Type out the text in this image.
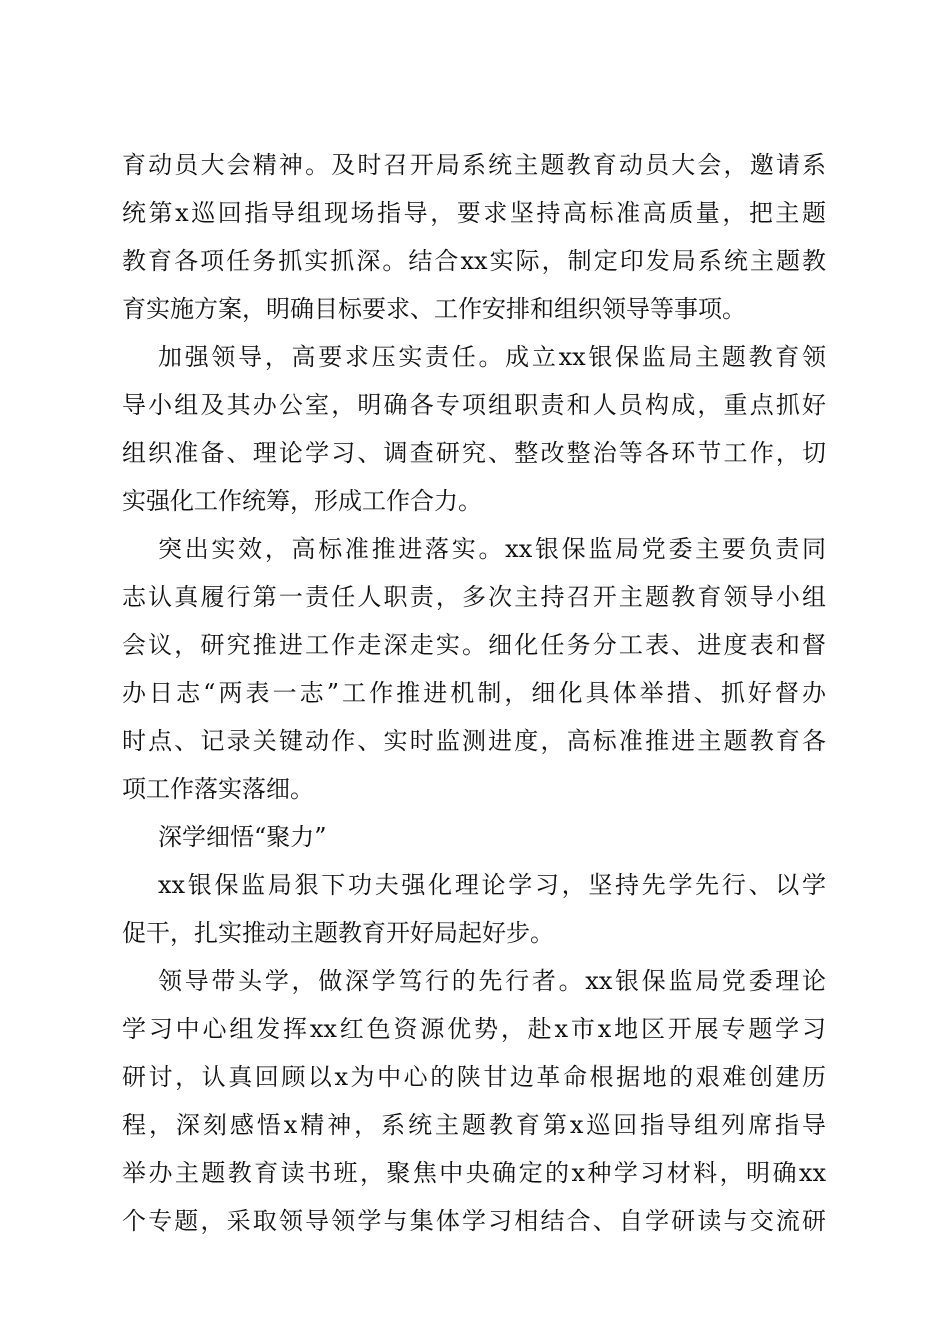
育动员大会精神。及时召开局系统主题教育动员大会，邀请系
统第x巡回指导组现场指导，要求坚持高标准高质量，把主题
教育各项任务抓实抓深。结合xx实际，制定印发局系统主题教
育实施方案，明确目标要求、工作安排和组织领导等事项。
加强领导，高要求压实责任。成立xx银保监局主题教育领
导小组及其办公室，明确各专项组职责和人员构成，重点抓好
组织准备、理论学习、调查研究、整改整治等各环节工作，切
实强化工作统筹，形成工作合力。
突出实效，高标准推进落实。xx银保监局党委主要负责同
志认真履行第一责任人职责，多次主持召开主题教育领导小组
会议，研究推进工作走深走实。细化任务分工表、进度表和督
办日志“两表一志”工作推进机制，细化具体举措、抓好督办
时点、记录关键动作、实时监测进度，高标准推进主题教育各
项工作落实落细。
深学细悟“聚力”
xx银保监局狠下功夫强化理论学习，坚持先学先行、以学
促干，扎实推动主题教育开好局起好步。
领导带头学，做深学笃行的先行者。xx银保监局党委理论
学习中心组发挥xx红色资源优势，赴x市x地区开展专题学习
研讨，认真回顾以x为中心的陕甘边革命根据地的艰难创建历
程，深刻感悟x精神，系统主题教育第x巡回指导组列席指导
举办主题教育读书班，聚焦中央确定的x种学习材料，明确xx
个专题，采取领导领学与集体学习相结合、自学研读与交流研
